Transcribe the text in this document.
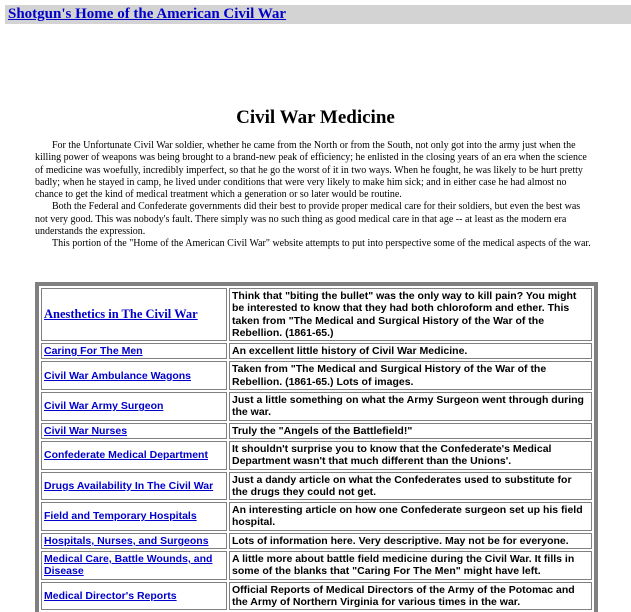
Shotgun's Home of the American Civil War
Civil War Medicine

For the Unfortunate Civil War soldier, whether he came from the North or from the South, not only got into the army just when the killing power of weapons was being brought to a brand-new peak of efficiency; he enlisted in the closing years of an era when the science of medicine was woefully, incredibly imperfect, so that he go the worst of it in two ways. When he fought, he was likely to be hurt pretty badly; when he stayed in camp, he lived under conditions that were very likely to make him sick; and in either case he had almost no chance to get the kind of medical treatment which a generation or so later would be routine.

Both the Federal and Confederate governments did their best to provide proper medical care for their soldiers, but even the best was not very good. This was nobody's fault. There simply was no such thing as good medical care in that age -- at least as the modern era understands the expression.

This portion of the "Home of the American Civil War" website attempts to put into perspective some of the medical aspects of the war.

Anesthetics in The Civil War	Think that "biting the bullet" was the only way to kill pain? You might be interested to know that they had both chloroform and ether. This taken from "The Medical and Surgical History of the War of the Rebellion. (1861-65.)
Caring For The Men	An excellent little history of Civil War Medicine.
Civil War Ambulance Wagons	Taken from "The Medical and Surgical History of the War of the Rebellion. (1861-65.) Lots of images.
Civil War Army Surgeon	Just a little something on what the Army Surgeon went through during the war.
Civil War Nurses	Truly the "Angels of the Battlefield!"
Confederate Medical Department	It shouldn't surprise you to know that the Confederate's Medical Department wasn't that much different than the Unions'.
Drugs Availability In The Civil War	Just a dandy article on what the Confederates used to substitute for the drugs they could not get.
Field and Temporary Hospitals	An interesting article on how one Confederate surgeon set up his field hospital.
Hospitals, Nurses, and Surgeons	Lots of information here. Very descriptive. May not be for everyone.
Medical Care, Battle Wounds, and Disease	A little more about battle field medicine during the Civil War. It fills in some of the blanks that "Caring For The Men" might have left.
Medical Director's Reports	Official Reports of Medical Directors of the Army of the Potomac and the Army of Northern Virginia for various times in the war.
